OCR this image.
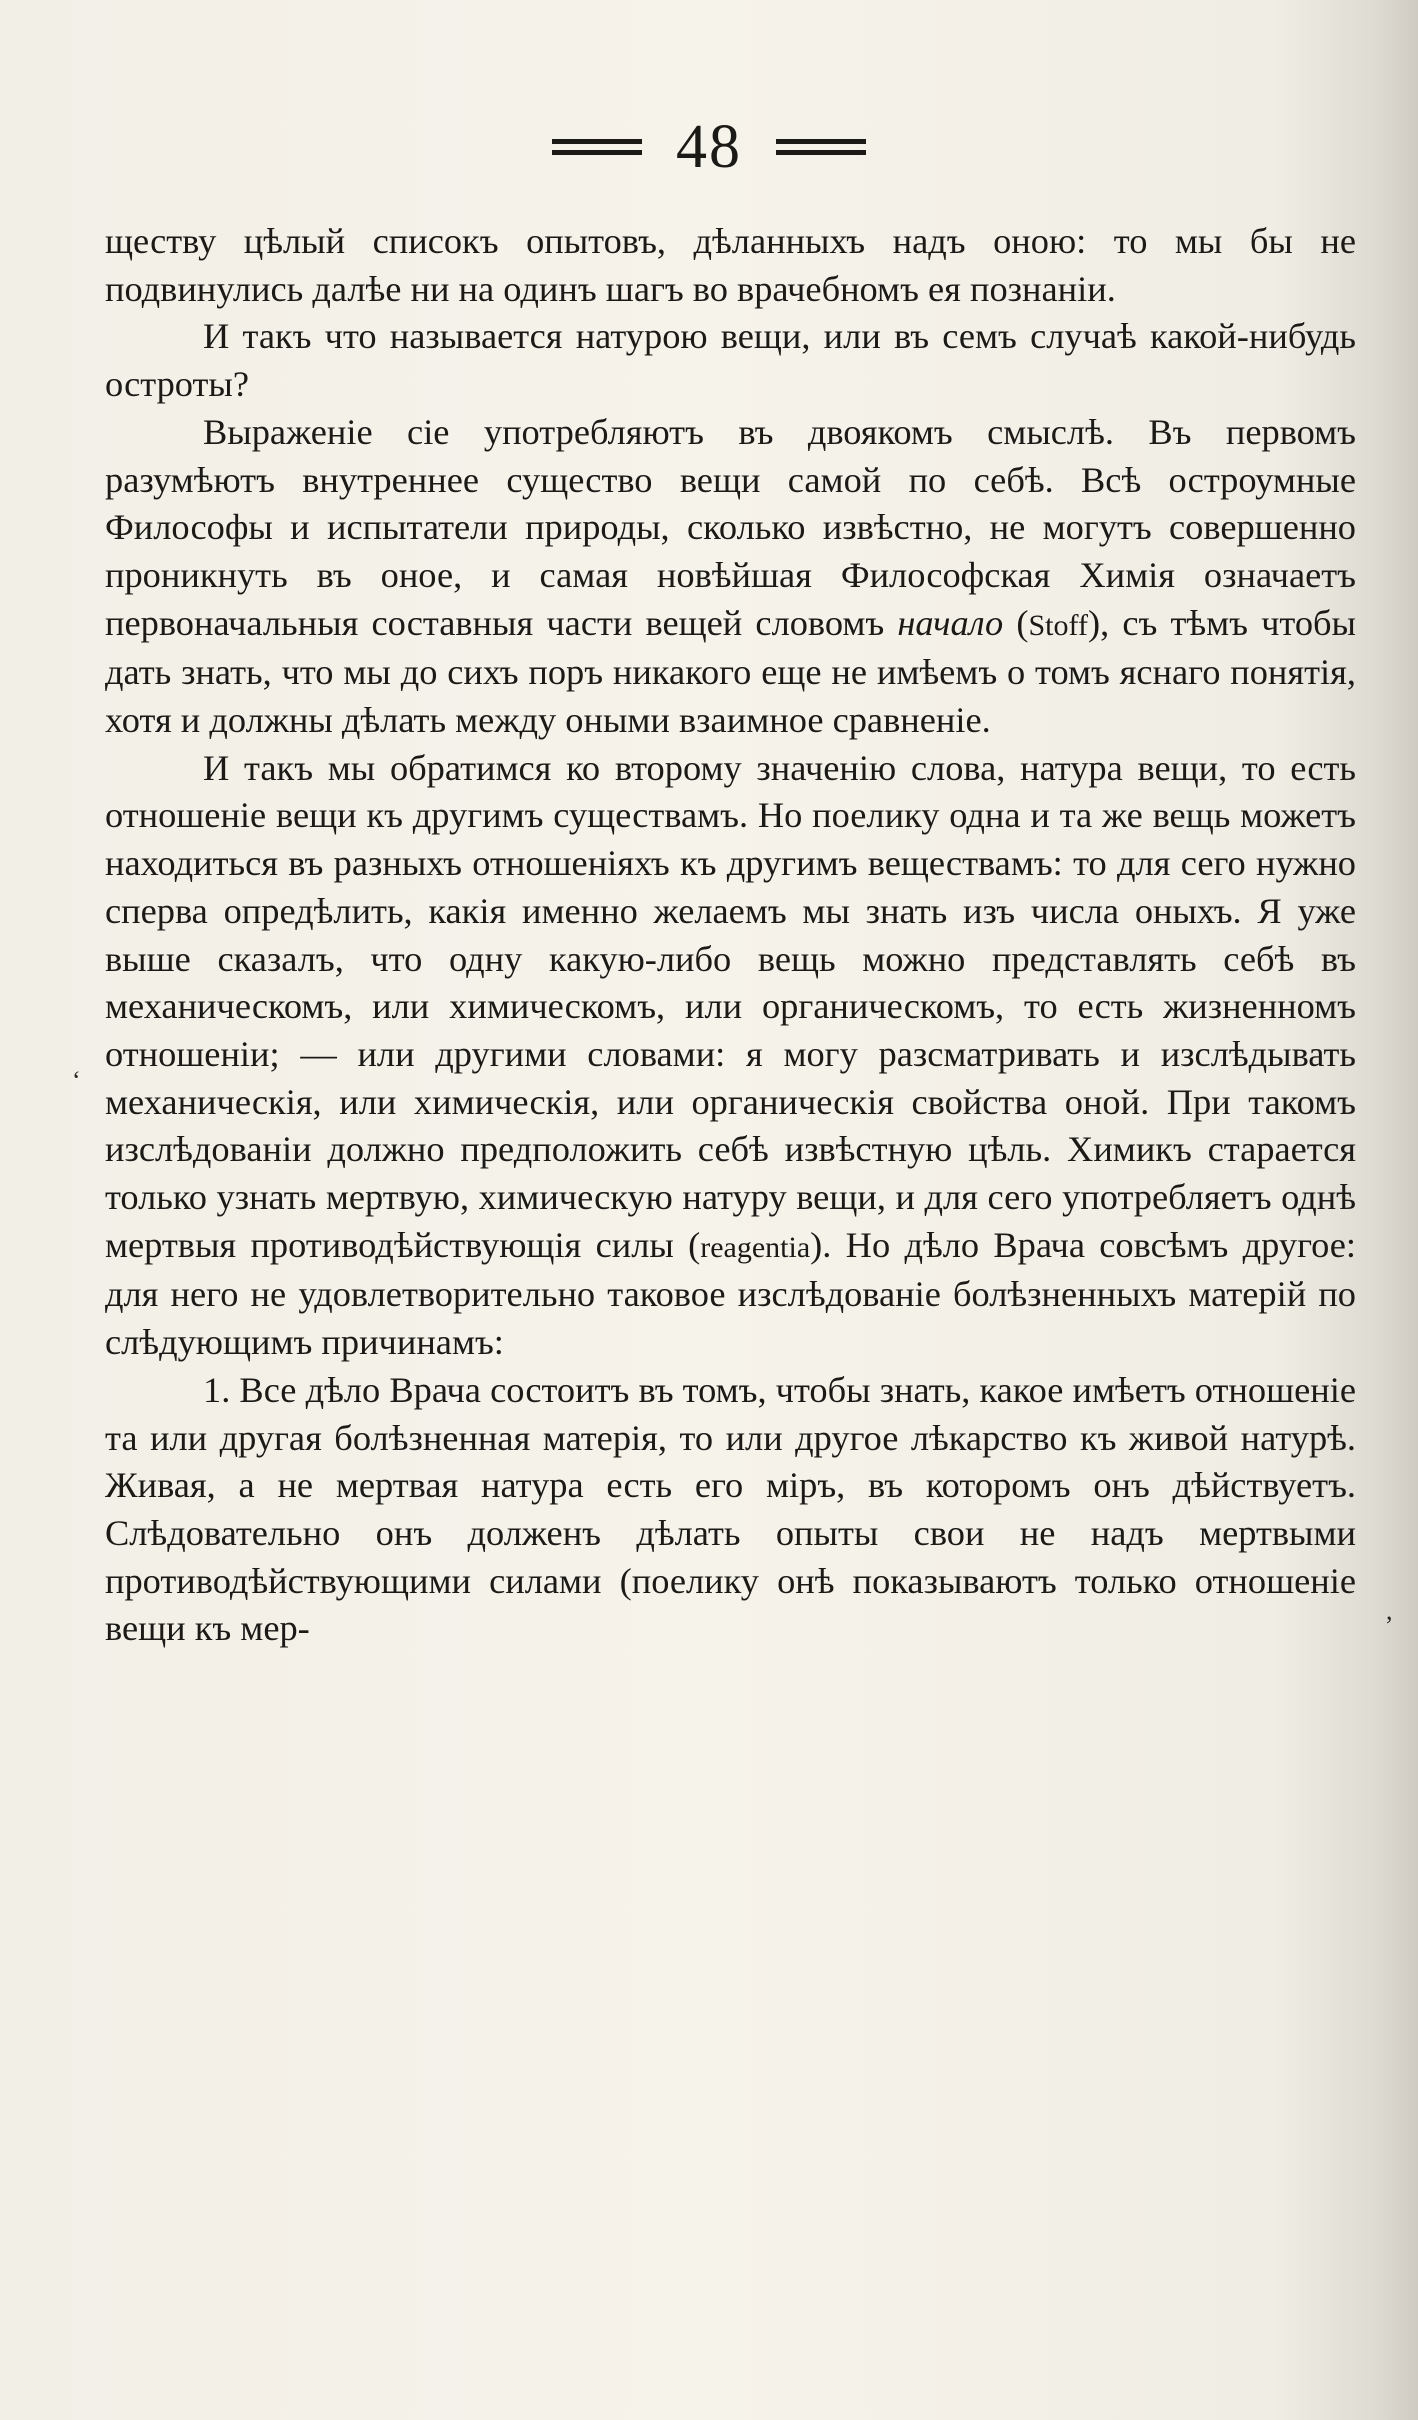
48

ществу цѣлый списокъ опытовъ, дѣланныхъ надъ оною: то мы бы не подвинулись далѣе ни на одинъ шагъ во врачебномъ ея познаніи.

И такъ что называется натурою вещи, или въ семъ случаѣ какой-нибудь остроты?

Выраженіе сіе употребляютъ въ двоякомъ смыслѣ. Въ первомъ разумѣютъ внутреннее существо вещи самой по себѣ. Всѣ остроумные Философы и испытатели природы, сколько извѣстно, не могутъ совершенно проникнуть въ оное, и самая новѣйшая Философская Химія означаетъ первоначальныя составныя части вещей словомъ начало (Stoff), съ тѣмъ чтобы дать знать, что мы до сихъ поръ никакого еще не имѣемъ о томъ яснаго понятія, хотя и должны дѣлать между оными взаимное сравненіе.

И такъ мы обратимся ко второму значенію слова, натура вещи, то есть отношеніе вещи къ другимъ существамъ. Но поелику одна и та же вещь можетъ находиться въ разныхъ отношеніяхъ къ другимъ веществамъ: то для сего нужно сперва опредѣлить, какія именно желаемъ мы знать изъ числа оныхъ. Я уже выше сказалъ, что одну какую-либо вещь можно представлять себѣ въ механическомъ, или химическомъ, или органическомъ, то есть жизненномъ отношеніи; — или другими словами: я могу разсматривать и изслѣдывать механическія, или химическія, или органическія свойства оной. При такомъ изслѣдованіи должно предположить себѣ извѣстную цѣль. Химикъ старается только узнать мертвую, химическую натуру вещи, и для сего употребляетъ однѣ мертвыя противодѣйствующія силы (reagentia). Но дѣло Врача совсѣмъ другое: для него не удовлетворительно таковое изслѣдованіе болѣзненныхъ матерій по слѣдующимъ причинамъ:

1. Все дѣло Врача состоитъ въ томъ, чтобы знать, какое имѣетъ отношеніе та или другая болѣзненная матерія, то или другое лѣкарство къ живой натурѣ. Живая, а не мертвая натура есть его міръ, въ которомъ онъ дѣйствуетъ. Слѣдовательно онъ долженъ дѣлать опыты свои не надъ мертвыми противодѣйствующими силами (поелику онѣ показываютъ только отношеніе вещи къ мер-

ʻ
,
